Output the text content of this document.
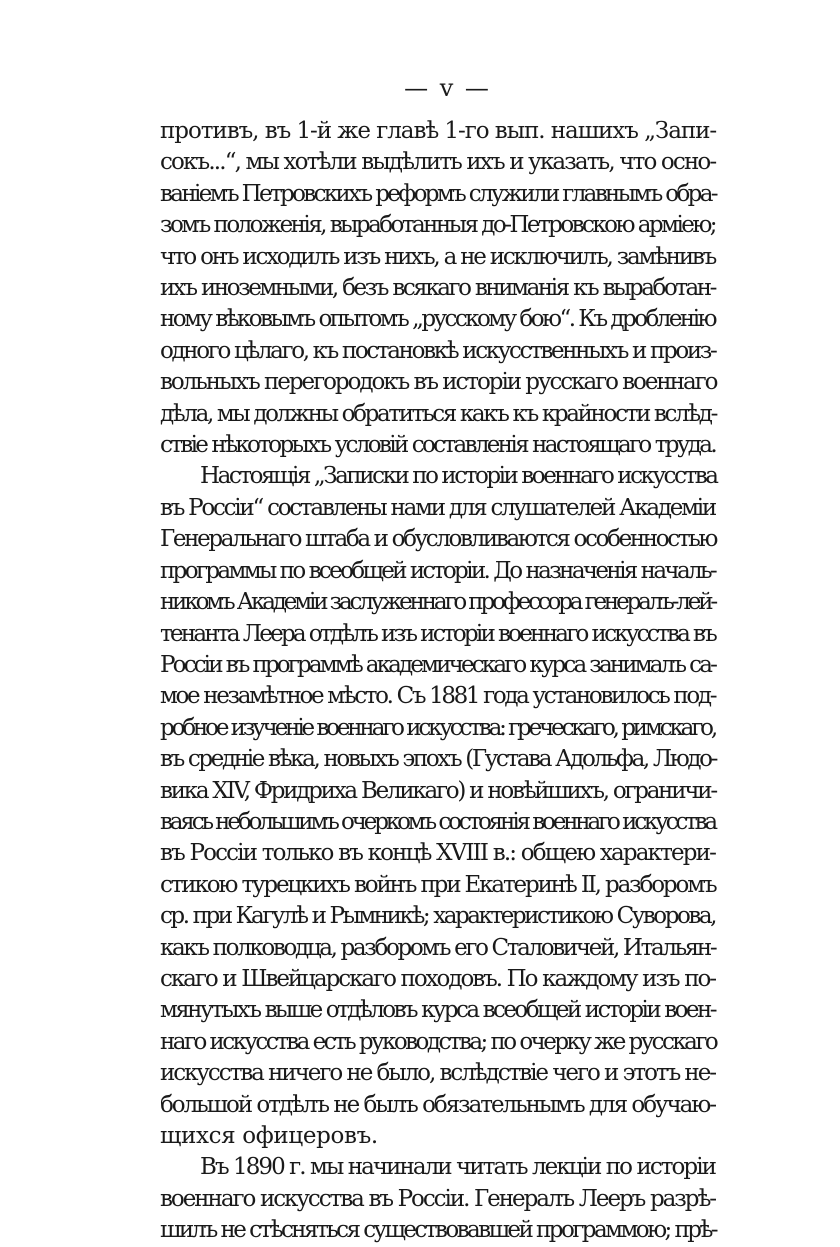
— v —
противъ, въ 1-й же главѣ 1-го вып. нашихъ „Запи-
сокъ...“, мы хотѣли выдѣлить ихъ и указать, что осно-
ваніемъ Петровскихъ реформъ служили главнымъ обра-
зомъ положенія, выработанныя до-Петровскою арміею;
что онъ исходилъ изъ нихъ, а не исключилъ, замѣнивъ
ихъ иноземными, безъ всякаго вниманія къ выработан-
ному вѣковымъ опытомъ „русскому бою“. Къ дробленію
одного цѣлаго, къ постановкѣ искусственныхъ и произ-
вольныхъ перегородокъ въ исторіи русскаго военнаго
дѣла, мы должны обратиться какъ къ крайности вслѣд-
ствіе нѣкоторыхъ условій составленія настоящаго труда.
Настоящія „Записки по исторіи военнаго искусства
въ Россіи“ составлены нами для слушателей Академіи
Генеральнаго штаба и обусловливаются особенностью
программы по всеобщей исторіи. До назначенія началь-
никомъ Академіи заслуженнаго профессора генералъ-лей-
тенанта Леера отдѣлъ изъ исторіи военнаго искусства въ
Россіи въ программѣ академическаго курса занималъ са-
мое незамѣтное мѣсто. Съ 1881 года установилось под-
робное изученіе военнаго искусства: греческаго, римскаго,
въ средніе вѣка, новыхъ эпохъ (Густава Адольфа, Людо-
вика XIV, Фридриха Великаго) и новѣйшихъ, ограничи-
ваясь небольшимъ очеркомъ состоянія военнаго искусства
въ Россіи только въ концѣ XVIII в.: общею характери-
стикою турецкихъ войнъ при Екатеринѣ II, разборомъ
ср. при Кагулѣ и Рымникѣ; характеристикою Суворова,
какъ полководца, разборомъ его Сталовичей, Итальян-
скаго и Швейцарскаго походовъ. По каждому изъ по-
мянутыхъ выше отдѣловъ курса всеобщей исторіи воен-
наго искусства есть руководства; по очерку же русскаго
искусства ничего не было, вслѣдствіе чего и этотъ не-
большой отдѣлъ не былъ обязательнымъ для обучаю-
щихся офицеровъ.
Въ 1890 г. мы начинали читать лекціи по исторіи
военнаго искусства въ Россіи. Генералъ Лееръ разрѣ-
шилъ не стѣсняться существовавшей программою; прѣ-
